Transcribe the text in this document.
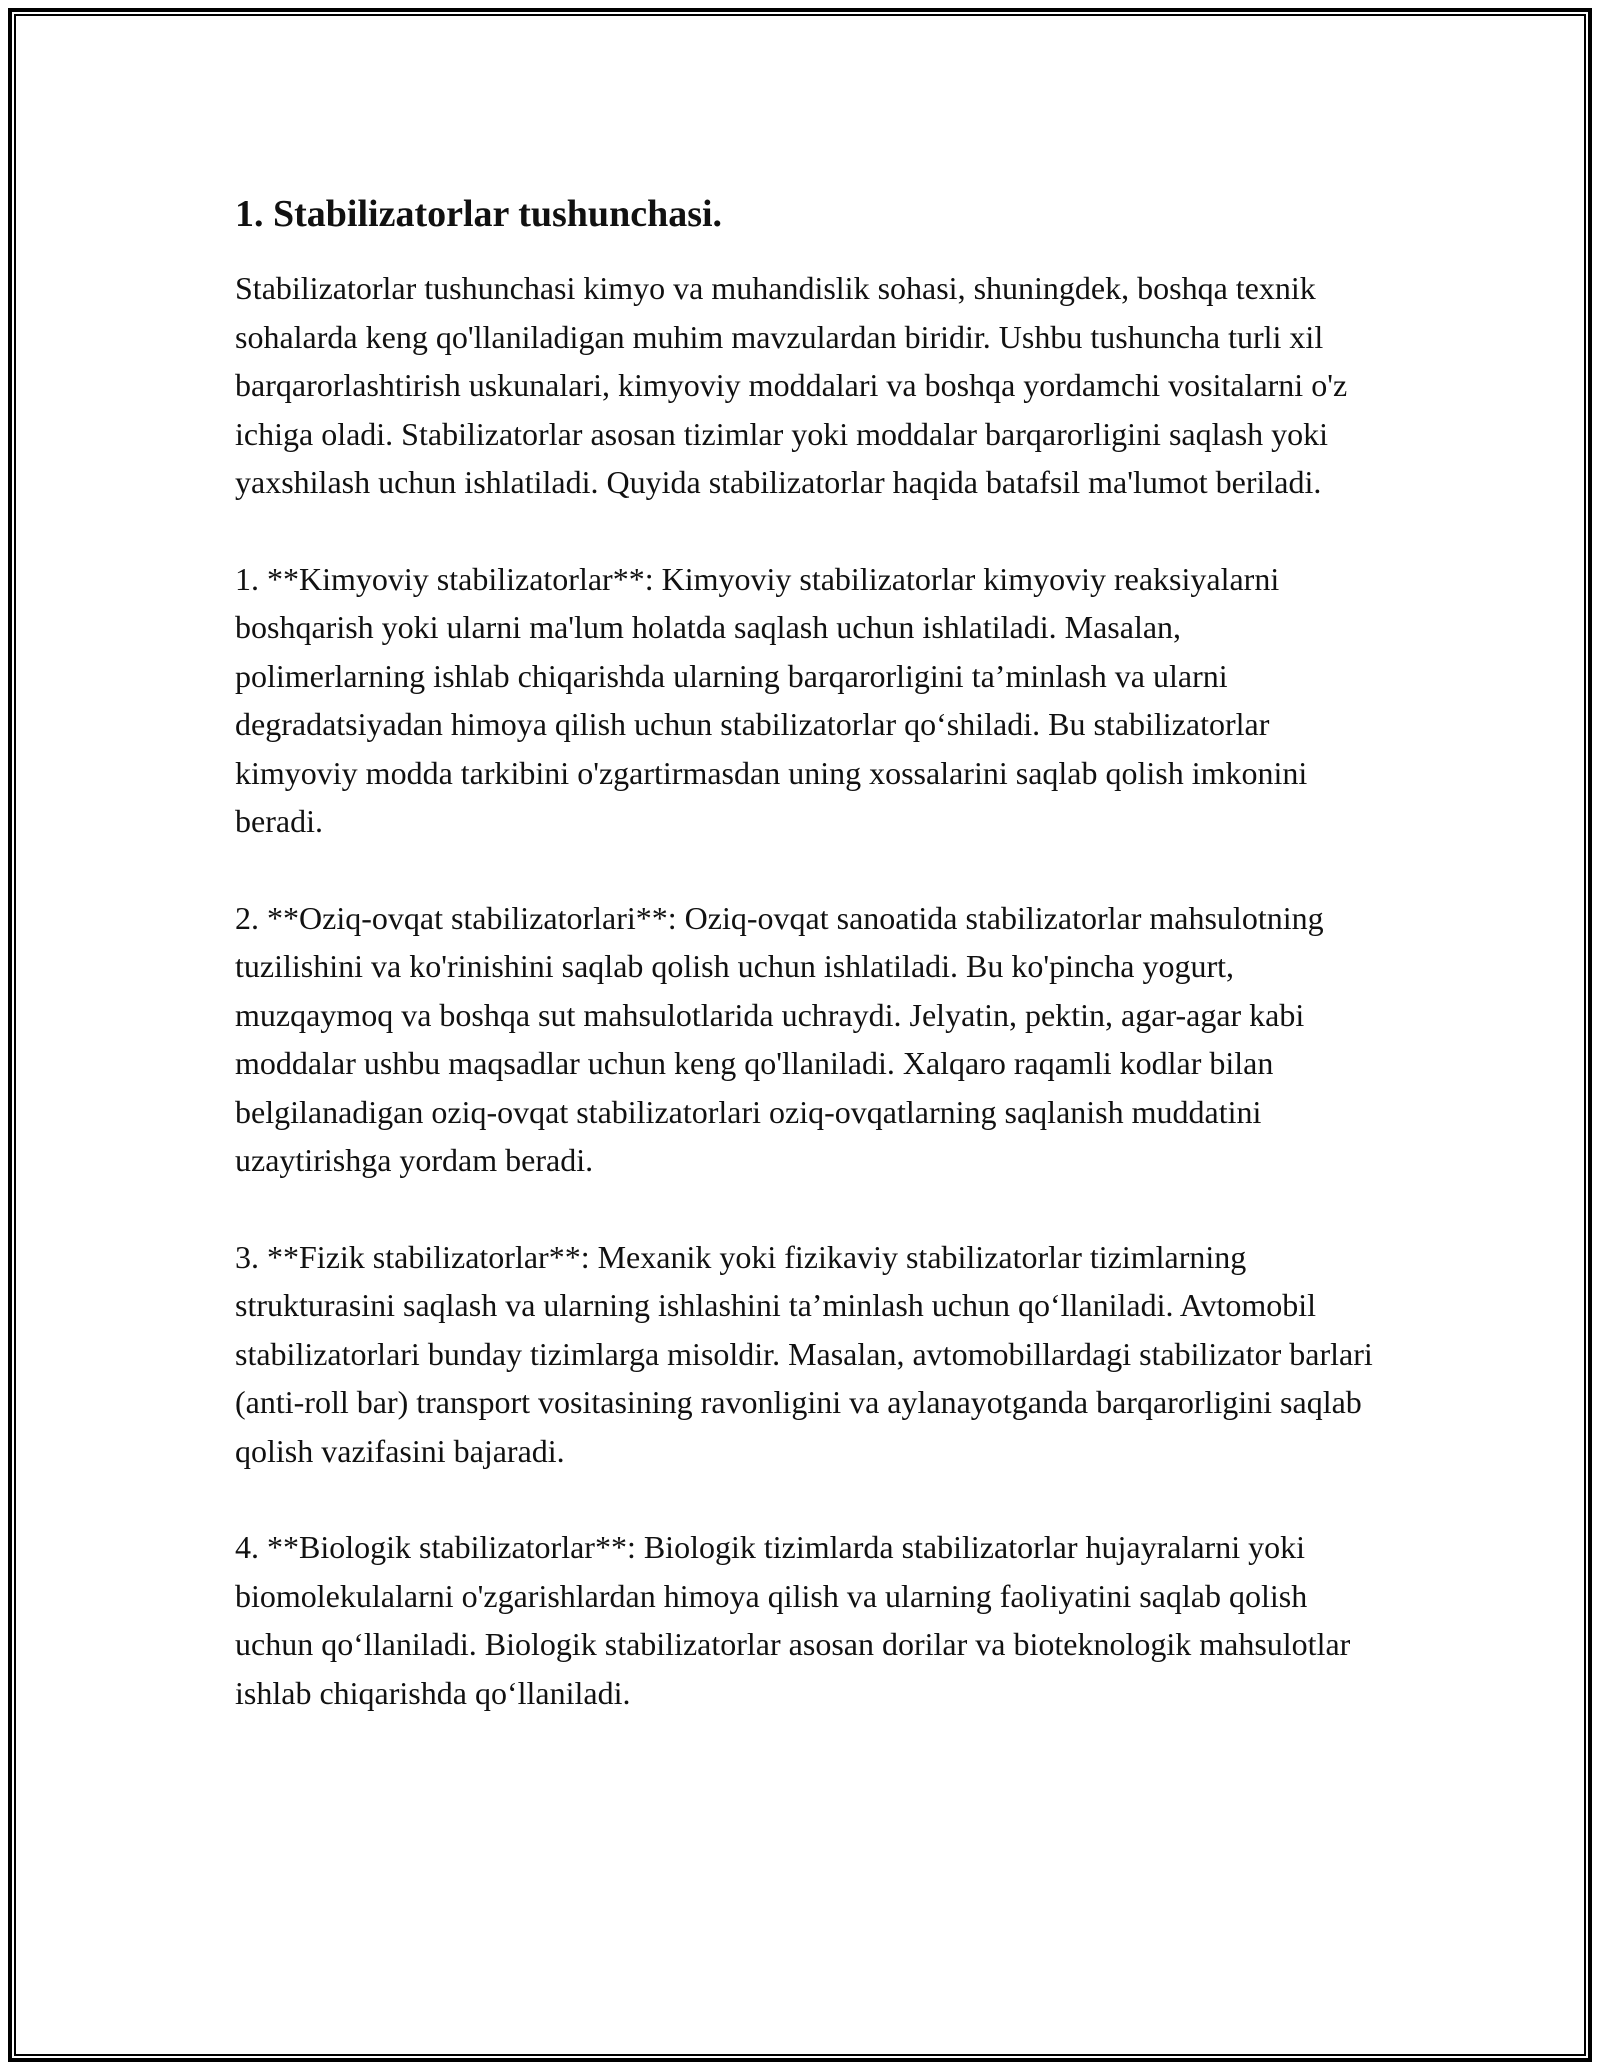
1. Stabilizatorlar tushunchasi.

Stabilizatorlar tushunchasi kimyo va muhandislik sohasi, shuningdek, boshqa texnik sohalarda keng qo'llaniladigan muhim mavzulardan biridir. Ushbu tushuncha turli xil barqarorlashtirish uskunalari, kimyoviy moddalari va boshqa yordamchi vositalarni o'z ichiga oladi. Stabilizatorlar asosan tizimlar yoki moddalar barqarorligini saqlash yoki yaxshilash uchun ishlatiladi. Quyida stabilizatorlar haqida batafsil ma'lumot beriladi.

1. **Kimyoviy stabilizatorlar**: Kimyoviy stabilizatorlar kimyoviy reaksiyalarni boshqarish yoki ularni ma'lum holatda saqlash uchun ishlatiladi. Masalan, polimerlarning ishlab chiqarishda ularning barqarorligini ta’minlash va ularni degradatsiyadan himoya qilish uchun stabilizatorlar qo‘shiladi. Bu stabilizatorlar kimyoviy modda tarkibini o'zgartirmasdan uning xossalarini saqlab qolish imkonini beradi.

2. **Oziq-ovqat stabilizatorlari**: Oziq-ovqat sanoatida stabilizatorlar mahsulotning tuzilishini va ko'rinishini saqlab qolish uchun ishlatiladi. Bu ko'pincha yogurt, muzqaymoq va boshqa sut mahsulotlarida uchraydi. Jelyatin, pektin, agar-agar kabi moddalar ushbu maqsadlar uchun keng qo'llaniladi. Xalqaro raqamli kodlar bilan belgilanadigan oziq-ovqat stabilizatorlari oziq-ovqatlarning saqlanish muddatini uzaytirishga yordam beradi.

3. **Fizik stabilizatorlar**: Mexanik yoki fizikaviy stabilizatorlar tizimlarning strukturasini saqlash va ularning ishlashini ta’minlash uchun qo‘llaniladi. Avtomobil stabilizatorlari bunday tizimlarga misoldir. Masalan, avtomobillardagi stabilizator barlari (anti-roll bar) transport vositasining ravonligini va aylanayotganda barqarorligini saqlab qolish vazifasini bajaradi.

4. **Biologik stabilizatorlar**: Biologik tizimlarda stabilizatorlar hujayralarni yoki biomolekulalarni o'zgarishlardan himoya qilish va ularning faoliyatini saqlab qolish uchun qo‘llaniladi. Biologik stabilizatorlar asosan dorilar va bioteknologik mahsulotlar ishlab chiqarishda qo‘llaniladi.
